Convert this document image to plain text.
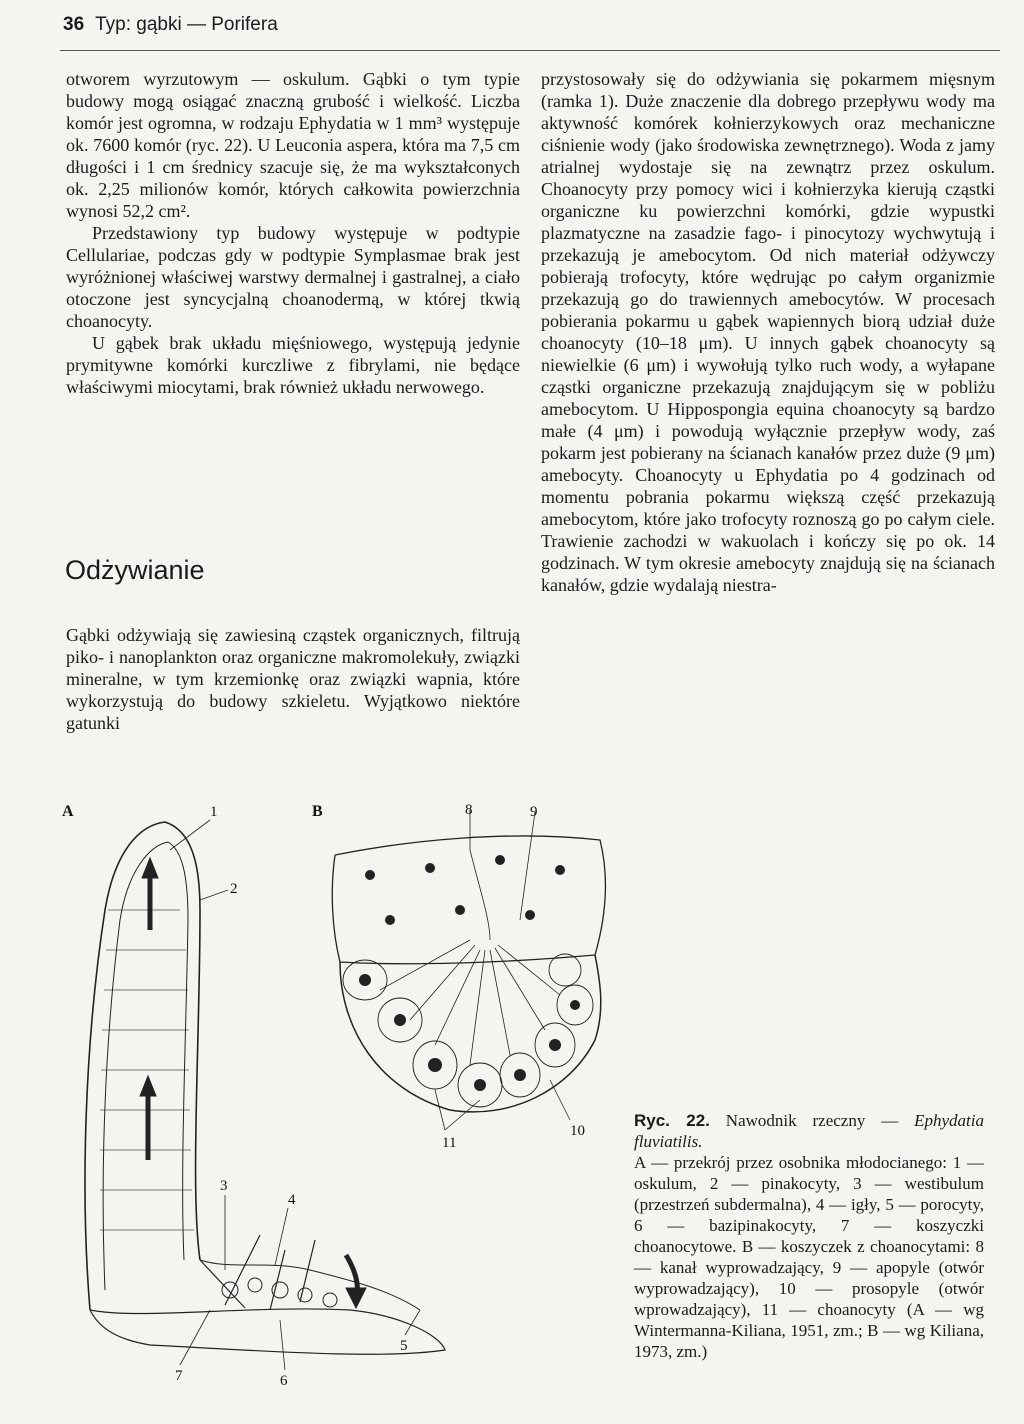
36 Typ: gąbki — Porifera

otworem wyrzutowym — oskulum. Gąbki o tym typie budowy mogą osiągać znaczną grubość i wielkość. Liczba komór jest ogromna, w rodzaju Ephydatia w 1 mm³ występuje ok. 7600 komór (ryc. 22). U Leuconia aspera, która ma 7,5 cm długości i 1 cm średnicy szacuje się, że ma wykształconych ok. 2,25 milionów komór, których całkowita powierzchnia wynosi 52,2 cm².

Przedstawiony typ budowy występuje w podtypie Cellulariae, podczas gdy w podtypie Symplasmae brak jest wyróżnionej właściwej warstwy dermalnej i gastralnej, a ciało otoczone jest syncycjalną choanodermą, w której tkwią choanocyty.

U gąbek brak układu mięśniowego, występują jedynie prymitywne komórki kurczliwe z fibrylami, nie będące właściwymi miocytami, brak również układu nerwowego.

Odżywianie

Gąbki odżywiają się zawiesiną cząstek organicznych, filtrują piko- i nanoplankton oraz organiczne makromolekuły, związki mineralne, w tym krzemionkę oraz związki wapnia, które wykorzystują do budowy szkieletu. Wyjątkowo niektóre gatunki

przystosowały się do odżywiania się pokarmem mięsnym (ramka 1). Duże znaczenie dla dobrego przepływu wody ma aktywność komórek kołnierzykowych oraz mechaniczne ciśnienie wody (jako środowiska zewnętrznego). Woda z jamy atrialnej wydostaje się na zewnątrz przez oskulum. Choanocyty przy pomocy wici i kołnierzyka kierują cząstki organiczne ku powierzchni komórki, gdzie wypustki plazmatyczne na zasadzie fago- i pinocytozy wychwytują i przekazują je amebocytom. Od nich materiał odżywczy pobierają trofocyty, które wędrując po całym organizmie przekazują go do trawiennych amebocytów. W procesach pobierania pokarmu u gąbek wapiennych biorą udział duże choanocyty (10–18 μm). U innych gąbek choanocyty są niewielkie (6 μm) i wywołują tylko ruch wody, a wyłapane cząstki organiczne przekazują znajdującym się w pobliżu amebocytom. U Hippospongia equina choanocyty są bardzo małe (4 μm) i powodują wyłącznie przepływ wody, zaś pokarm jest pobierany na ścianach kanałów przez duże (9 μm) amebocyty. Choanocyty u Ephydatia po 4 godzinach od momentu pobrania pokarmu większą część przekazują amebocytom, które jako trofocyty roznoszą go po całym ciele. Trawienie zachodzi w wakuolach i kończy się po ok. 14 godzinach. W tym okresie amebocyty znajdują się na ścianach kanałów, gdzie wydalają niestra-

A	B
1
2
3
4
5
6
7
8	9
10
11
Ryc. 22. Nawodnik rzeczny — Ephydatia fluviatilis.
A — przekrój przez osobnika młodocianego: 1 — oskulum, 2 — pinakocyty, 3 — westibulum (przestrzeń subdermalna), 4 — igły, 5 — porocyty, 6 — bazipinakocyty, 7 — koszyczki choanocytowe. B — koszyczek z choanocytami: 8 — kanał wyprowadzający, 9 — apopyle (otwór wyprowadzający), 10 — prosopyle (otwór wprowadzający), 11 — choanocyty (A — wg Wintermanna-Kiliana, 1951, zm.; B — wg Kiliana, 1973, zm.)
